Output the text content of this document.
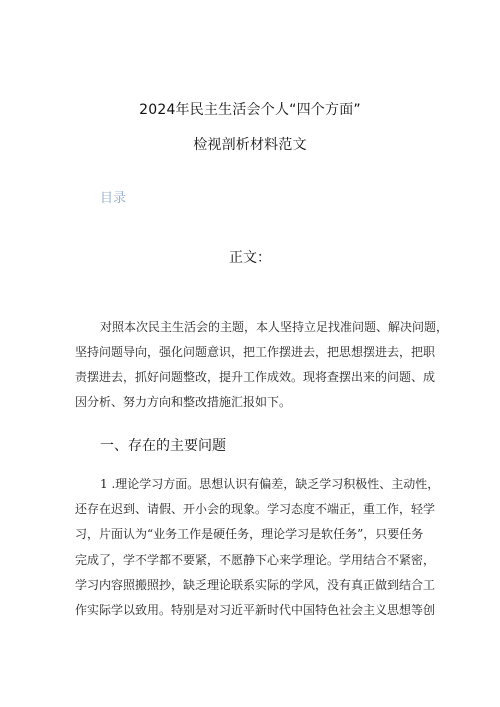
2024年民主生活会个人“四个方面”
检视剖析材料范文
目录
正文：
对照本次民主生活会的主题，本人坚持立足找准问题、解决问题，
坚持问题导向，强化问题意识，把工作摆进去，把思想摆进去，把职
责摆进去，抓好问题整改，提升工作成效。现将查摆出来的问题、成
因分析、努力方向和整改措施汇报如下。
一、存在的主要问题
1 .理论学习方面。思想认识有偏差，缺乏学习积极性、主动性，
还存在迟到、请假、开小会的现象。学习态度不端正，重工作，轻学
习，片面认为“业务工作是硬任务，理论学习是软任务”，只要任务
完成了，学不学都不要紧，不愿静下心来学理论。学用结合不紧密，
学习内容照搬照抄，缺乏理论联系实际的学风，没有真正做到结合工
作实际学以致用。特别是对习近平新时代中国特色社会主义思想等创
